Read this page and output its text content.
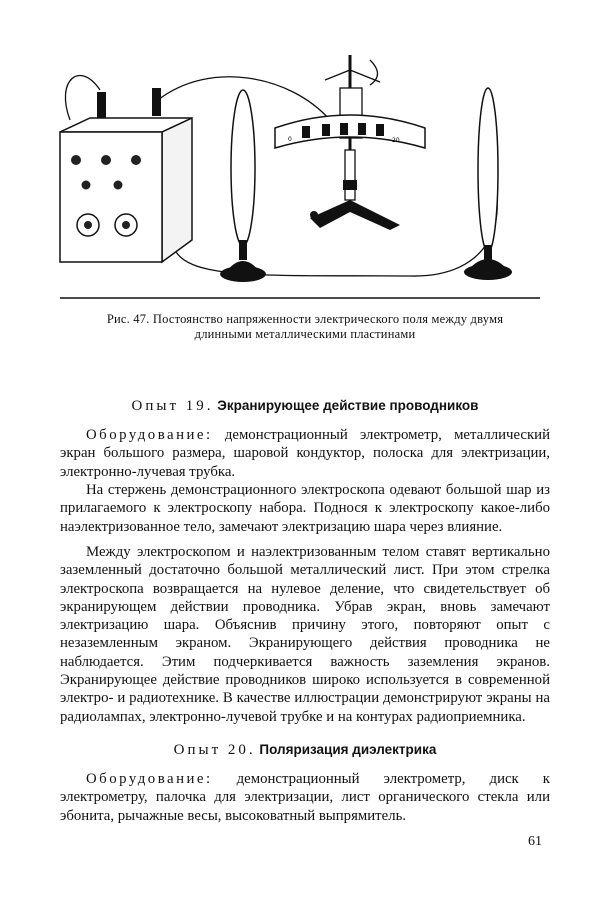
0	20
Рис. 47. Постоянство напряженности электрического поля между двумя
длинными металлическими пластинами
Опыт 19. Экранирующее действие проводников

Оборудование: демонстрационный электрометр, металлический экран большого размера, шаровой кондуктор, полоска для электризации, электронно-лучевая трубка.

На стержень демонстрационного электроскопа одевают большой шар из прилагаемого к электроскопу набора. Поднося к электроскопу какое-либо наэлектризованное тело, замечают электризацию шара через влияние.

Между электроскопом и наэлектризованным телом ставят вертикально заземленный достаточно большой металлический лист. При этом стрелка электроскопа возвращается на нулевое деление, что свидетельствует об экранирующем действии проводника. Убрав экран, вновь замечают электризацию шара. Объяснив причину этого, повторяют опыт с незаземленным экраном. Экранирующего действия проводника не наблюдается. Этим подчеркивается важность заземления экранов. Экранирующее действие проводников широко используется в современной электро- и радиотехнике. В качестве иллюстрации демонстрируют экраны на радиолампах, электронно-лучевой трубке и на контурах радиоприемника.

Опыт 20. Поляризация диэлектрика

Оборудование: демонстрационный электрометр, диск к электрометру, палочка для электризации, лист органического стекла или эбонита, рычажные весы, высоковатный выпрямитель.

61
